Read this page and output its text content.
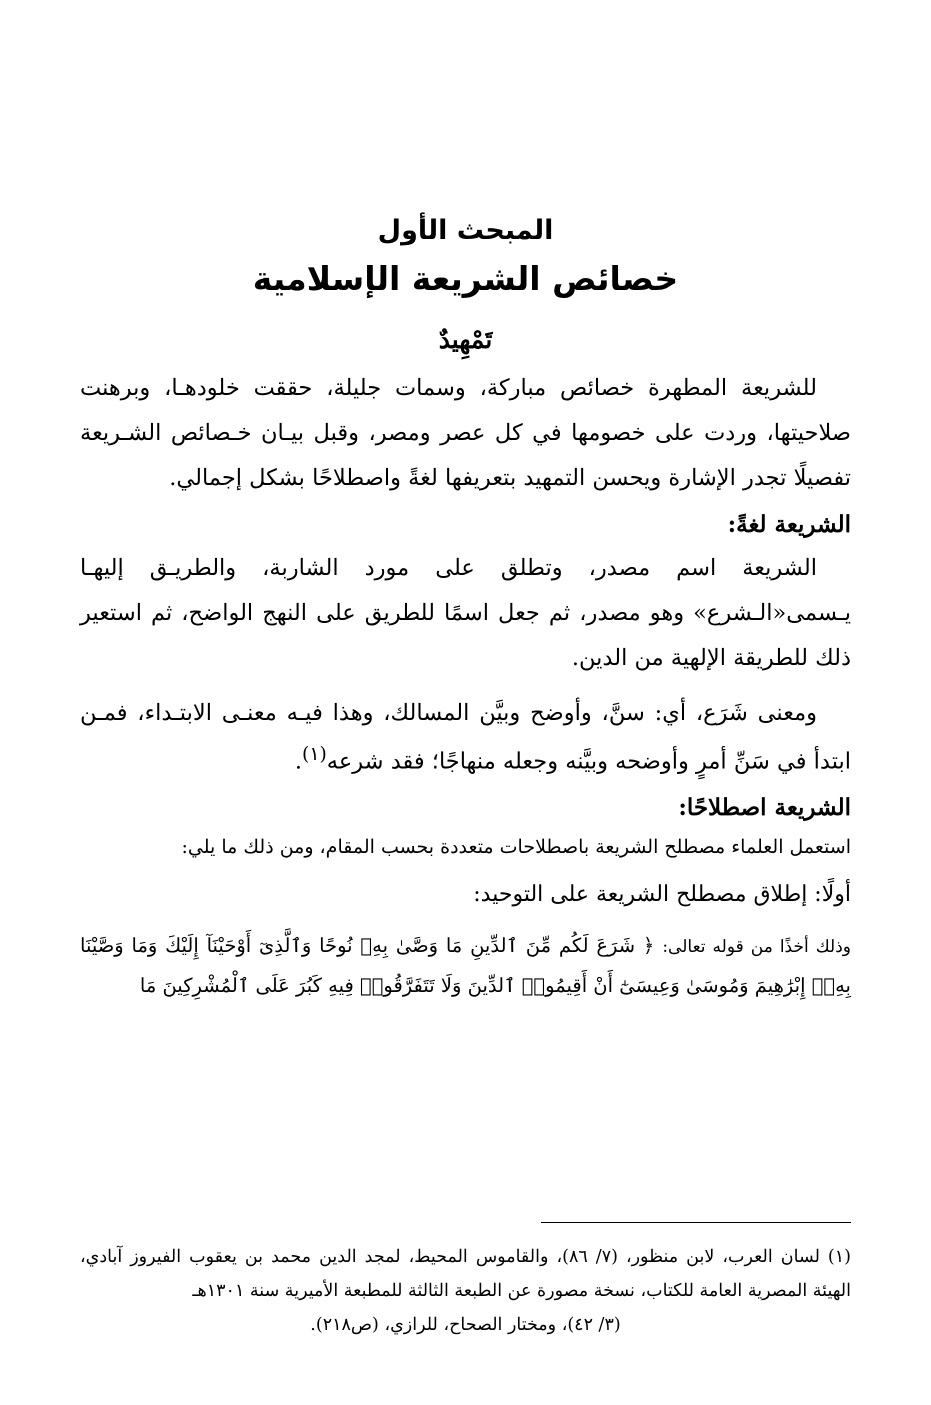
المبحث الأول
خصائص الشريعة الإسلامية
تَمْهِيدٌ

للشريعة المطهرة خصائص مباركة، وسمات جليلة، حققت خلودهـا، وبرهنت صلاحيتها، وردت على خصومها في كل عصر ومصر، وقبل بيـان خـصائص الشـريعة تفصيلًا تجدر الإشارة ويحسن التمهيد بتعريفها لغةً واصطلاحًا بشكل إجمالي.

الشريعة لغةً:

الشريعة اسم مصدر، وتطلق على مورد الشاربة، والطريـق إليهـا يـسمى«الـشرع» وهو مصدر، ثم جعل اسمًا للطريق على النهج الواضح، ثم استعير ذلك للطريقة الإلهية من الدين.

ومعنى شَرَع، أي: سنَّ، وأوضح وبيَّن المسالك، وهذا فيـه معنـى الابتـداء، فمـن ابتدأ في سَنِّ أمرٍ وأوضحه وبيَّنه وجعله منهاجًا؛ فقد شرعه$^{(١)}$.

الشريعة اصطلاحًا:

استعمل العلماء مصطلح الشريعة باصطلاحات متعددة بحسب المقام، ومن ذلك ما يلي:

أولًا: إطلاق مصطلح الشريعة على التوحيد:

وذلك أخذًا من قوله تعالى: ﴿ شَرَعَ لَكُم مِّنَ ٱلدِّينِ مَا وَصَّىٰ بِهِۦ نُوحًا وَٱلَّذِىٓ أَوْحَيْنَآ إِلَيْكَ وَمَا وَصَّيْنَا بِهِۦٓ إِبْرَٰهِيمَ وَمُوسَىٰ وَعِيسَىٰٓ أَنْ أَقِيمُوا۟ ٱلدِّينَ وَلَا تَتَفَرَّقُوا۟ فِيهِ كَبُرَ عَلَى ٱلْمُشْرِكِينَ مَا
(١) لسان العرب، لابن منظور، (٧/ ٨٦)، والقاموس المحيط، لمجد الدين محمد بن يعقوب الفيروز آبادي، الهيئة المصرية العامة للكتاب، نسخة مصورة عن الطبعة الثالثة للمطبعة الأميرية سنة ١٣٠١هـ
(٣/ ٤٢)، ومختار الصحاح، للرازي، (ص٢١٨).
